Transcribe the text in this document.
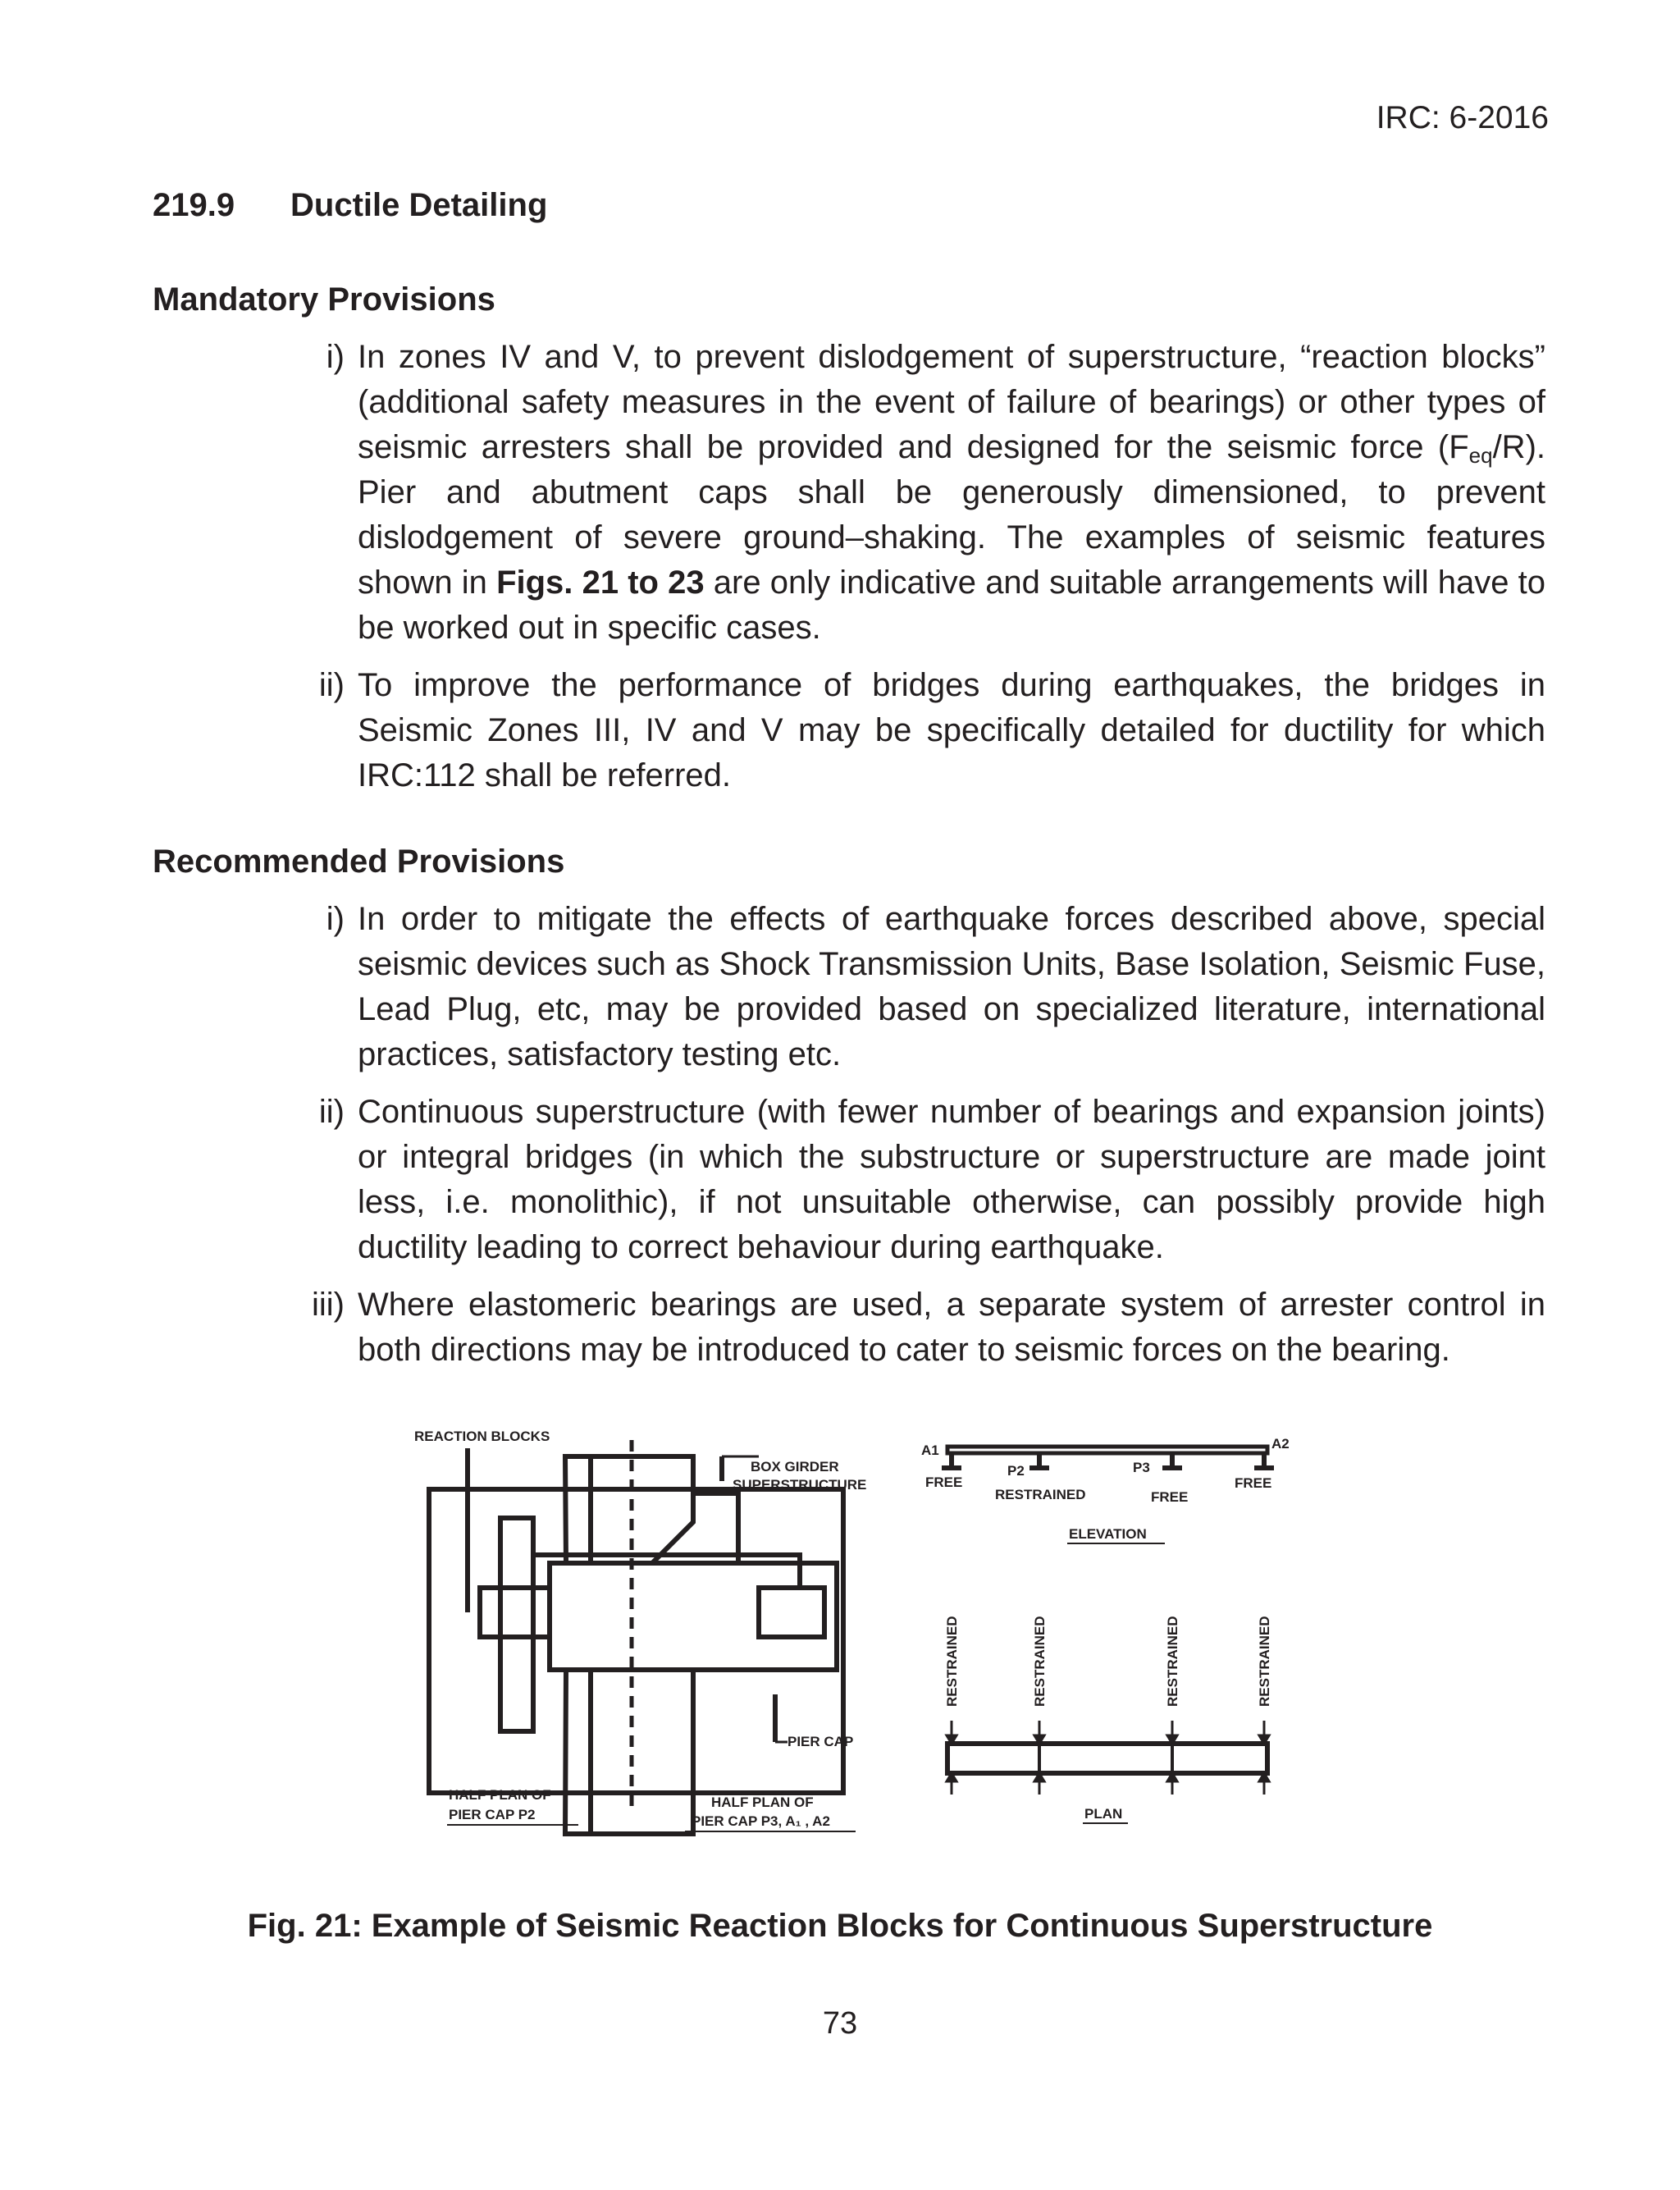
IRC: 6-2016
219.9 Ductile Detailing
Mandatory Provisions
i) In zones IV and V, to prevent dislodgement of superstructure, “reaction blocks” (additional safety measures in the event of failure of bearings) or other types of seismic arresters shall be provided and designed for the seismic force $(F_{eq}/R)$. Pier and abutment caps shall be generously dimensioned, to prevent dislodgement of severe ground–shaking. The examples of seismic features shown in Figs. 21 to 23 are only indicative and suitable arrangements will have to be worked out in specific cases.
ii) To improve the performance of bridges during earthquakes, the bridges in Seismic Zones III, IV and V may be specifically detailed for ductility for which IRC:112 shall be referred.
Recommended Provisions
i) In order to mitigate the effects of earthquake forces described above, special seismic devices such as Shock Transmission Units, Base Isolation, Seismic Fuse, Lead Plug, etc, may be provided based on specialized literature, international practices, satisfactory testing etc.
ii) Continuous superstructure (with fewer number of bearings and expansion joints) or integral bridges (in which the substructure or superstructure are made joint less, i.e. monolithic), if not unsuitable otherwise, can possibly provide high ductility leading to correct behaviour during earthquake.
iii) Where elastomeric bearings are used, a separate system of arrester control in both directions may be introduced to cater to seismic forces on the bearing.
REACTION BLOCKS
BOX GIRDER
SUPERSTRUCTURE
PIER CAP
HALF PLAN OF
PIER CAP P2
HALF PLAN OF
PIER CAP P3, A₁ , A2
A1	A2
P2	P3
FREE
RESTRAINED	FREE
FREE
ELEVATION
RESTRAINED	RESTRAINED	RESTRAINED	RESTRAINED
PLAN
Fig. 21: Example of Seismic Reaction Blocks for Continuous Superstructure
73
